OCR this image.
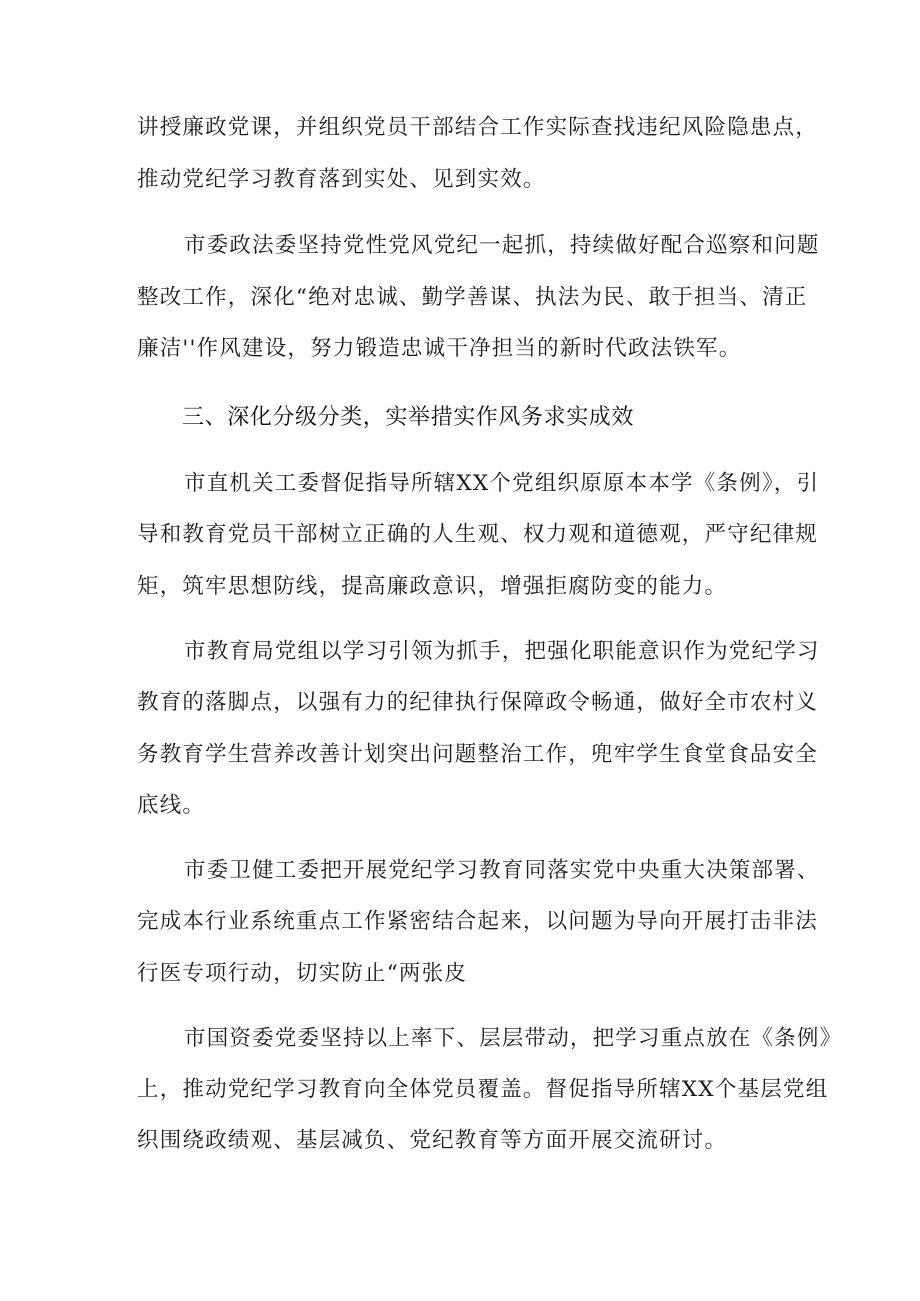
讲授廉政党课，并组织党员干部结合工作实际查找违纪风险隐患点，
推动党纪学习教育落到实处、见到实效。
市委政法委坚持党性党风党纪一起抓，持续做好配合巡察和问题
整改工作，深化“绝对忠诚、勤学善谋、执法为民、敢于担当、清正
廉洁''作风建设，努力锻造忠诚干净担当的新时代政法铁军。
三、深化分级分类，实举措实作风务求实成效
市直机关工委督促指导所辖XX个党组织原原本本学《条例》，引
导和教育党员干部树立正确的人生观、权力观和道德观，严守纪律规
矩，筑牢思想防线，提高廉政意识，增强拒腐防变的能力。
市教育局党组以学习引领为抓手，把强化职能意识作为党纪学习
教育的落脚点，以强有力的纪律执行保障政令畅通，做好全市农村义
务教育学生营养改善计划突出问题整治工作，兜牢学生食堂食品安全
底线。
市委卫健工委把开展党纪学习教育同落实党中央重大决策部署、
完成本行业系统重点工作紧密结合起来，以问题为导向开展打击非法
行医专项行动，切实防止“两张皮
市国资委党委坚持以上率下、层层带动，把学习重点放在《条例》
上，推动党纪学习教育向全体党员覆盖。督促指导所辖XX个基层党组
织围绕政绩观、基层减负、党纪教育等方面开展交流研讨。
